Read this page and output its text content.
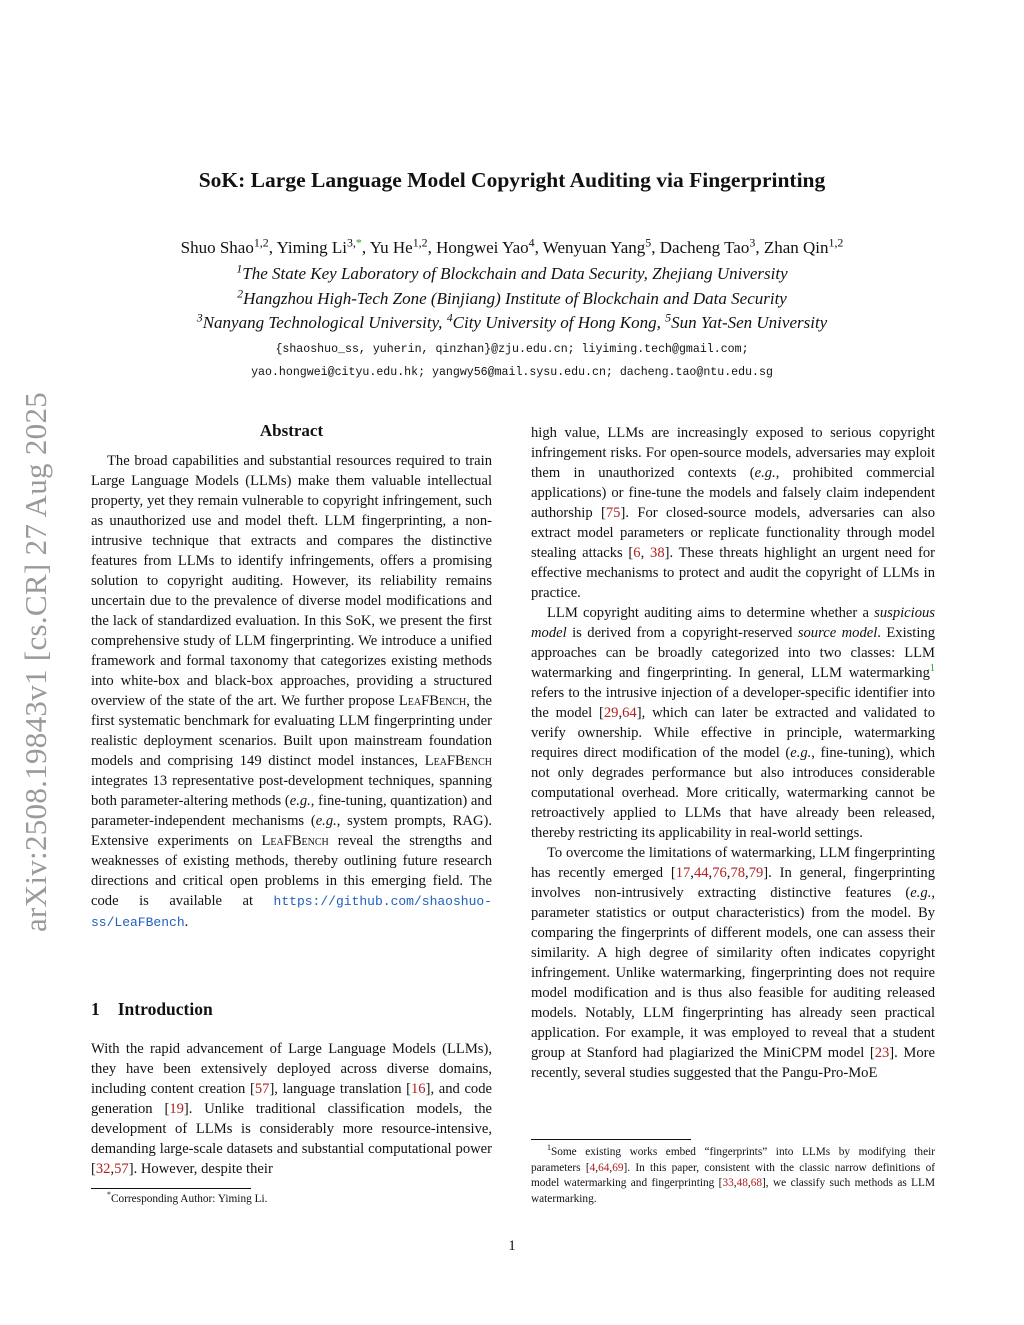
arXiv:2508.19843v1 [cs.CR] 27 Aug 2025
SoK: Large Language Model Copyright Auditing via Fingerprinting
Shuo Shao$^{1,2}$, Yiming $Li^{3,*}$, Yu He$^{1,2}$, Hongwei Yao$^4$, Wenyuan Yang$^5$, Dacheng Tao$^3$, Zhan Qin$^{1,2}$
$^1$The State Key Laboratory of Blockchain and Data Security, Zhejiang University
$^2$Hangzhou High-Tech Zone (Binjiang) Institute of Blockchain and Data Security
$^3$Nanyang Technological University, $^4$City University of Hong Kong, $^5$Sun Yat-Sen University
{shaoshuo_ss, yuherin, qinzhan}@zju.edu.cn; liyiming.tech@gmail.com;
yao.hongwei@cityu.edu.hk; yangwy56@mail.sysu.edu.cn; dacheng.tao@ntu.edu.sg
Abstract

The broad capabilities and substantial resources required to train Large Language Models (LLMs) make them valuable intellectual property, yet they remain vulnerable to copyright infringement, such as unauthorized use and model theft. LLM fingerprinting, a non-intrusive technique that extracts and compares the distinctive features from LLMs to identify infringements, offers a promising solution to copyright auditing. However, its reliability remains uncertain due to the prevalence of diverse model modifications and the lack of standardized evaluation. In this SoK, we present the first comprehensive study of LLM fingerprinting. We introduce a unified framework and formal taxonomy that categorizes existing methods into white-box and black-box approaches, providing a structured overview of the state of the art. We further propose LeaFBench, the first systematic benchmark for evaluating LLM fingerprinting under realistic deployment scenarios. Built upon mainstream foundation models and comprising 149 distinct model instances, LeaFBench integrates 13 representative post-development techniques, spanning both parameter-altering methods (e.g., fine-tuning, quantization) and parameter-independent mechanisms (e.g., system prompts, RAG). Extensive experiments on LeaFBench reveal the strengths and weaknesses of existing methods, thereby outlining future research directions and critical open problems in this emerging field. The code is available at https://github.com/shaoshuo-ss/LeaFBench.

1 Introduction

With the rapid advancement of Large Language Models (LLMs), they have been extensively deployed across diverse domains, including content creation [57], language translation [16], and code generation [19]. Unlike traditional classification models, the development of LLMs is considerably more resource-intensive, demanding large-scale datasets and substantial computational power [32,57]. However, despite their

*Corresponding Author: Yiming Li.

high value, LLMs are increasingly exposed to serious copyright infringement risks. For open-source models, adversaries may exploit them in unauthorized contexts (e.g., prohibited commercial applications) or fine-tune the models and falsely claim independent authorship [75]. For closed-source models, adversaries can also extract model parameters or replicate functionality through model stealing attacks [6, 38]. These threats highlight an urgent need for effective mechanisms to protect and audit the copyright of LLMs in practice.

LLM copyright auditing aims to determine whether a suspicious model is derived from a copyright-reserved source model. Existing approaches can be broadly categorized into two classes: LLM watermarking and fingerprinting. In general, LLM watermarking$^1$ refers to the intrusive injection of a developer-specific identifier into the model [29,64], which can later be extracted and validated to verify ownership. While effective in principle, watermarking requires direct modification of the model (e.g., fine-tuning), which not only degrades performance but also introduces considerable computational overhead. More critically, watermarking cannot be retroactively applied to LLMs that have already been released, thereby restricting its applicability in real-world settings.

To overcome the limitations of watermarking, LLM fingerprinting has recently emerged [17,44,76,78,79]. In general, fingerprinting involves non-intrusively extracting distinctive features (e.g., parameter statistics or output characteristics) from the model. By comparing the fingerprints of different models, one can assess their similarity. A high degree of similarity often indicates copyright infringement. Unlike watermarking, fingerprinting does not require model modification and is thus also feasible for auditing released models. Notably, LLM fingerprinting has already seen practical application. For example, it was employed to reveal that a student group at Stanford had plagiarized the MiniCPM model [23]. More recently, several studies suggested that the Pangu-Pro-MoE

$^1$Some existing works embed “fingerprints” into LLMs by modifying their parameters [4,64,69]. In this paper, consistent with the classic narrow definitions of model watermarking and fingerprinting [33,48,68], we classify such methods as LLM watermarking.

1
